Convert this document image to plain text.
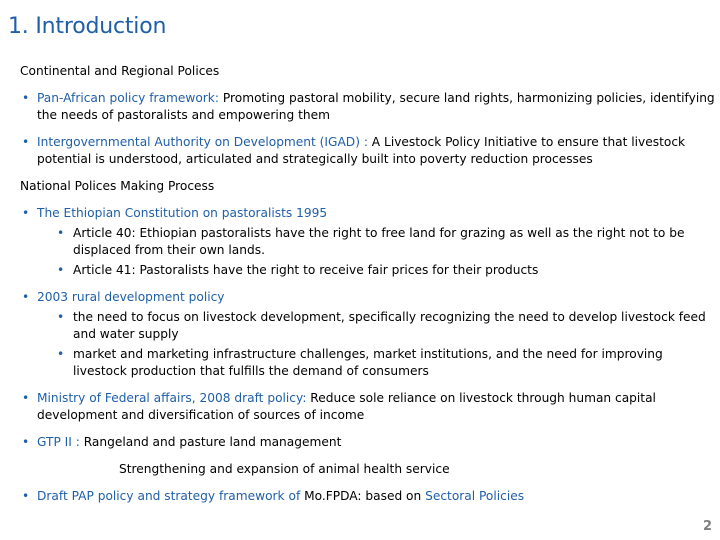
1. Introduction
Continental and Regional Polices
• Pan-African policy framework: Promoting pastoral mobility, secure land rights, harmonizing policies, identifying the needs of pastoralists and empowering them
• Intergovernmental Authority on Development (IGAD) : A Livestock Policy Initiative to ensure that livestock potential is understood, articulated and strategically built into poverty reduction processes
National Polices Making Process
• The Ethiopian Constitution on pastoralists 1995
• Article 40: Ethiopian pastoralists have the right to free land for grazing as well as the right not to be displaced from their own lands.
• Article 41: Pastoralists have the right to receive fair prices for their products
• 2003 rural development policy
• the need to focus on livestock development, specifically recognizing the need to develop livestock feed and water supply
• market and marketing infrastructure challenges, market institutions, and the need for improving livestock production that fulfills the demand of consumers
• Ministry of Federal affairs, 2008 draft policy: Reduce sole reliance on livestock through human capital development and diversification of sources of income
• GTP II : Rangeland and pasture land management
Strengthening and expansion of animal health service
• Draft PAP policy and strategy framework of Mo.FPDA: based on Sectoral Policies
2
